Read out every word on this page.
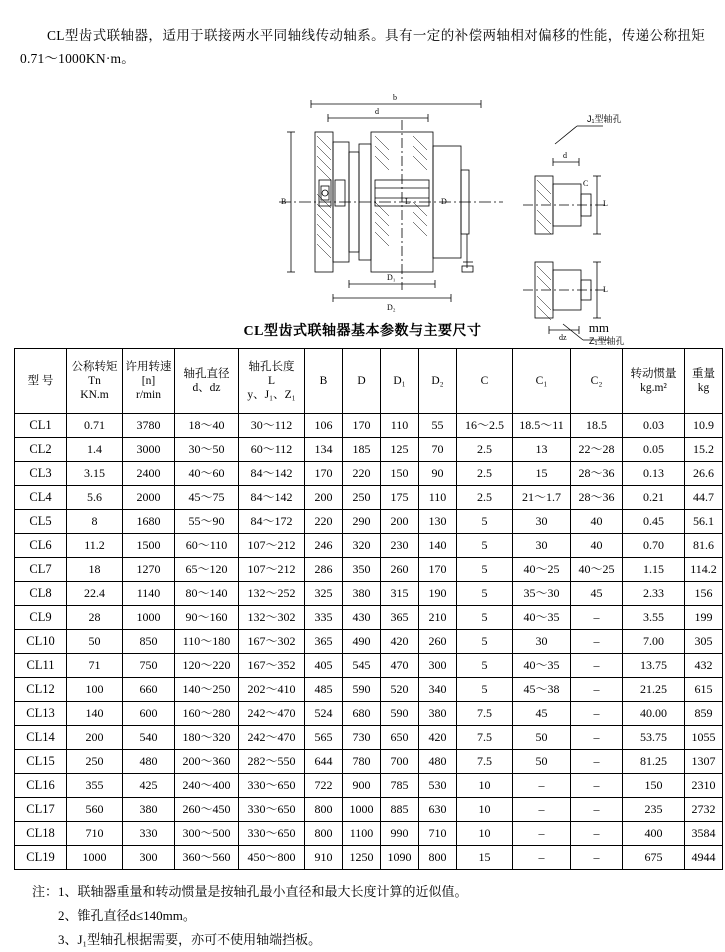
CL型齿式联轴器，适用于联接两水平同轴线传动轴系。具有一定的补偿两轴相对偏移的性能，传递公称扭矩0.71～1000KN·m。

b
d
B
D₁
D₂
D
L
C
L
L
d
dz
J₁型轴孔
Z₁型轴孔
CL型齿式联轴器基本参数与主要尺寸	mm
型 号	公称转矩
Tn
KN.m	许用转速
[n]
r/min	轴孔直径
d、dz	轴孔长度
L
y、J₁、Z₁	B	D	D₁	D₂	C	C₁	C₂	转动惯量
kg.m²	重量
kg

CL1	0.71	3780	18～40	30～112	106	170	110	55	16～2.5	18.5～11	18.5	0.03	10.9
CL2	1.4	3000	30～50	60～112	134	185	125	70	2.5	13	22～28	0.05	15.2
CL3	3.15	2400	40～60	84～142	170	220	150	90	2.5	15	28～36	0.13	26.6
CL4	5.6	2000	45～75	84～142	200	250	175	110	2.5	21～1.7	28～36	0.21	44.7
CL5	8	1680	55～90	84～172	220	290	200	130	5	30	40	0.45	56.1
CL6	11.2	1500	60～110	107～212	246	320	230	140	5	30	40	0.70	81.6
CL7	18	1270	65～120	107～212	286	350	260	170	5	40～25	40～25	1.15	114.2
CL8	22.4	1140	80～140	132～252	325	380	315	190	5	35～30	45	2.33	156
CL9	28	1000	90～160	132～302	335	430	365	210	5	40～35	–	3.55	199
CL10	50	850	110～180	167～302	365	490	420	260	5	30	–	7.00	305
CL11	71	750	120～220	167～352	405	545	470	300	5	40～35	–	13.75	432
CL12	100	660	140～250	202～410	485	590	520	340	5	45～38	–	21.25	615
CL13	140	600	160～280	242～470	524	680	590	380	7.5	45	–	40.00	859
CL14	200	540	180～320	242～470	565	730	650	420	7.5	50	–	53.75	1055
CL15	250	480	200～360	282～550	644	780	700	480	7.5	50	–	81.25	1307
CL16	355	425	240～400	330～650	722	900	785	530	10	–	–	150	2310
CL17	560	380	260～450	330～650	800	1000	885	630	10	–	–	235	2732
CL18	710	330	300～500	330～650	800	1100	990	710	10	–	–	400	3584
CL19	1000	300	360～560	450～800	910	1250	1090	800	15	–	–	675	4944
注：1、联轴器重量和转动惯量是按轴孔最小直径和最大长度计算的近似值。
2、锥孔直径d≤140mm。
3、J₁型轴孔根据需要，亦可不使用轴端挡板。
